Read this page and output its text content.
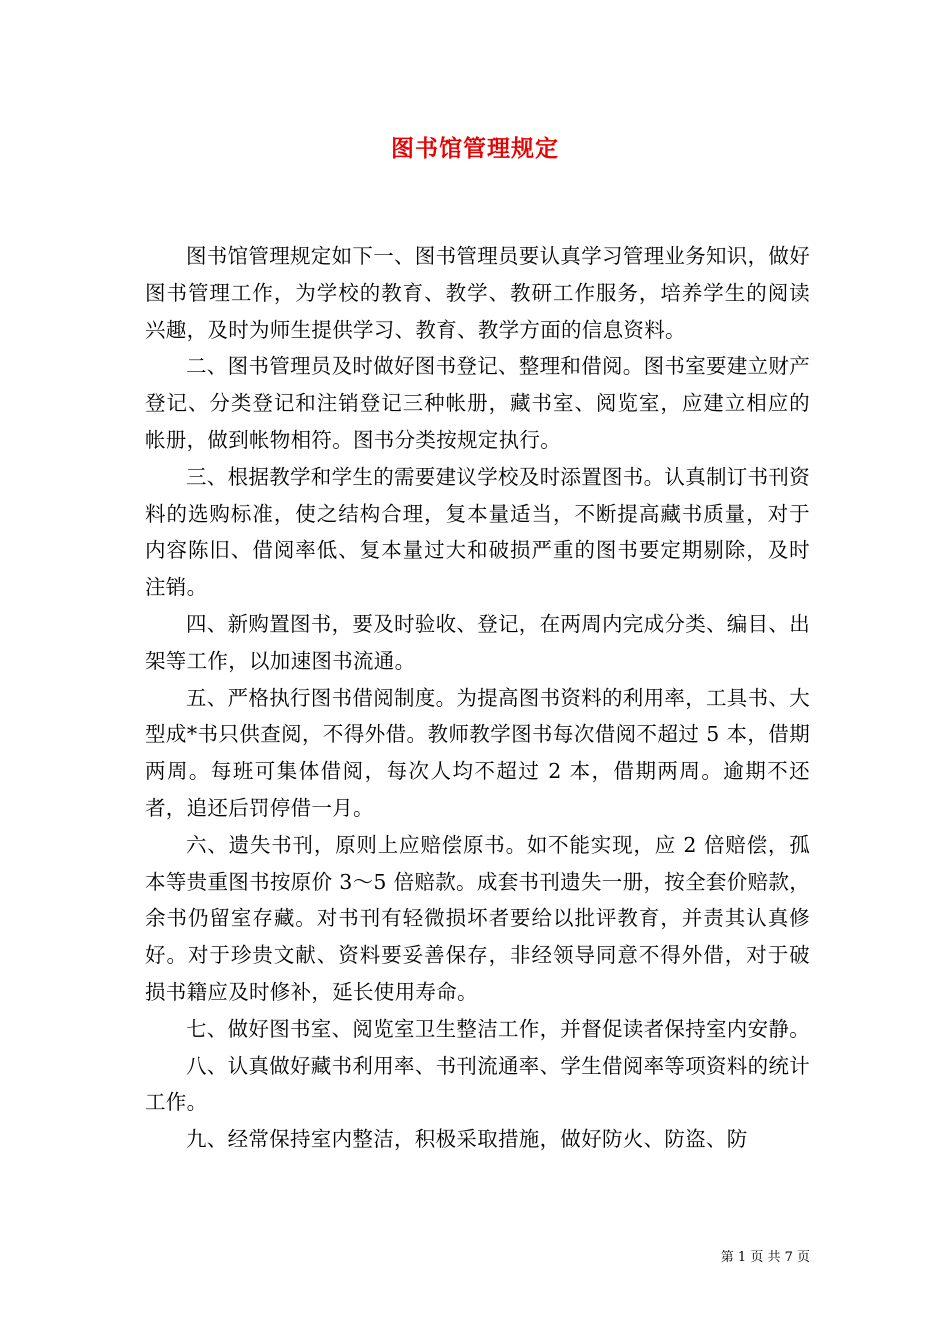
图书馆管理规定

图书馆管理规定如下一、图书管理员要认真学习管理业务知识，做好图书管理工作，为学校的教育、教学、教研工作服务，培养学生的阅读兴趣，及时为师生提供学习、教育、教学方面的信息资料。

二、图书管理员及时做好图书登记、整理和借阅。图书室要建立财产登记、分类登记和注销登记三种帐册，藏书室、阅览室，应建立相应的帐册，做到帐物相符。图书分类按规定执行。

三、根据教学和学生的需要建议学校及时添置图书。认真制订书刊资料的选购标准，使之结构合理，复本量适当，不断提高藏书质量，对于内容陈旧、借阅率低、复本量过大和破损严重的图书要定期剔除，及时注销。

四、新购置图书，要及时验收、登记，在两周内完成分类、编目、出架等工作，以加速图书流通。

五、严格执行图书借阅制度。为提高图书资料的利用率，工具书、大型成*书只供查阅，不得外借。教师教学图书每次借阅不超过 5 本，借期两周。每班可集体借阅，每次人均不超过 2 本，借期两周。逾期不还者，追还后罚停借一月。

六、遗失书刊，原则上应赔偿原书。如不能实现，应 2 倍赔偿，孤本等贵重图书按原价 3～5 倍赔款。成套书刊遗失一册，按全套价赔款，余书仍留室存藏。对书刊有轻微损坏者要给以批评教育，并责其认真修好。对于珍贵文献、资料要妥善保存，非经领导同意不得外借，对于破损书籍应及时修补，延长使用寿命。

七、做好图书室、阅览室卫生整洁工作，并督促读者保持室内安静。

八、认真做好藏书利用率、书刊流通率、学生借阅率等项资料的统计工作。

九、经常保持室内整洁，积极采取措施，做好防火、防盗、防

第 1 页 共 7 页
